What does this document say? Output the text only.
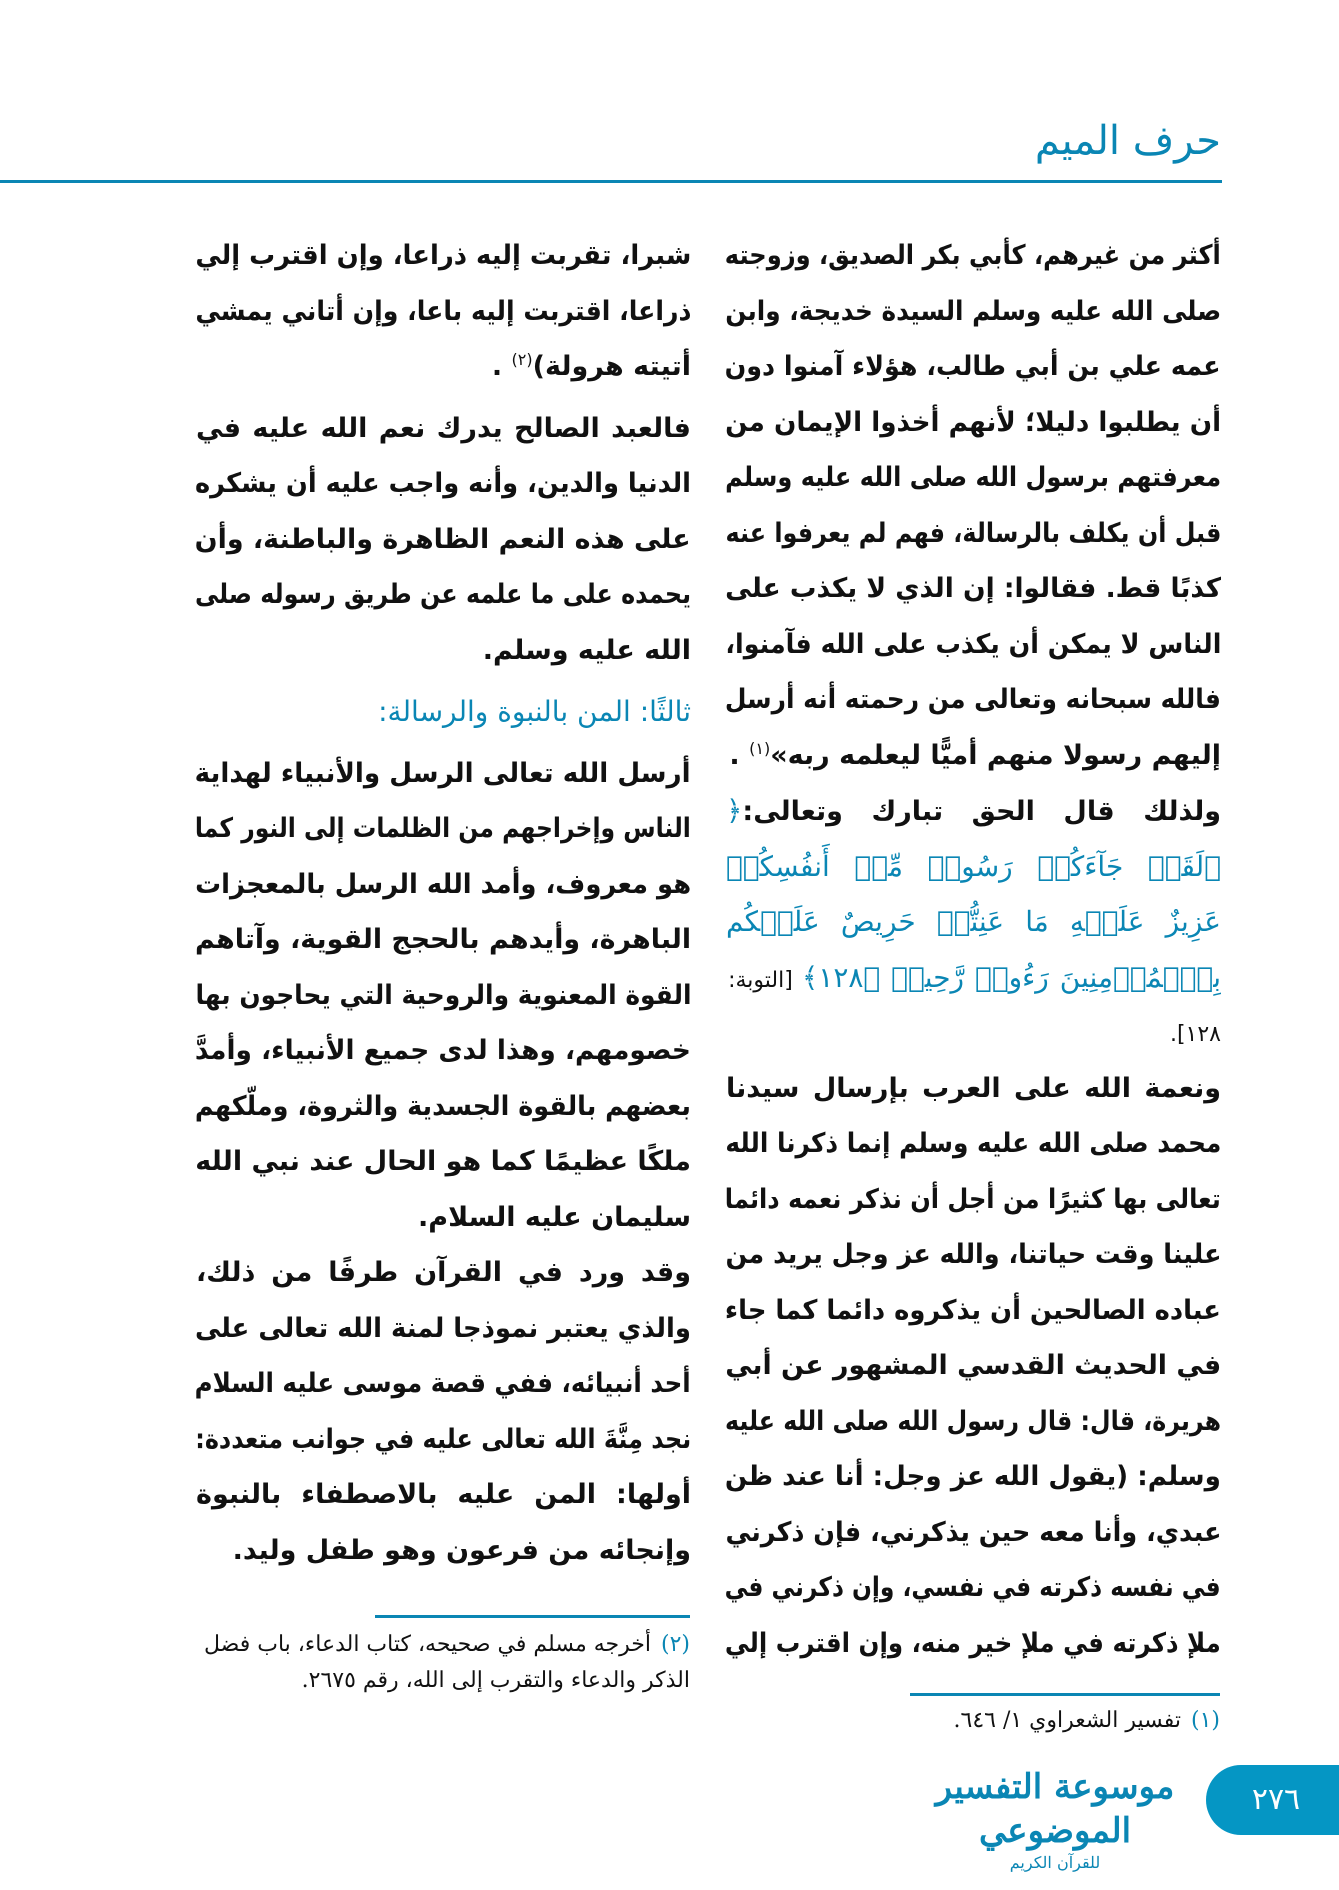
حرف الميم
أكثر من غيرهم، كأبي بكر الصديق، وزوجته
صلى الله عليه وسلم السيدة خديجة، وابن
عمه علي بن أبي طالب، هؤلاء آمنوا دون
أن يطلبوا دليلا؛ لأنهم أخذوا الإيمان من
معرفتهم برسول الله صلى الله عليه وسلم
قبل أن يكلف بالرسالة، فهم لم يعرفوا عنه
كذبًا قط. فقالوا: إن الذي لا يكذب على
الناس لا يمكن أن يكذب على الله فآمنوا،
فالله سبحانه وتعالى من رحمته أنه أرسل
إليهم رسولا منهم أميًّا ليعلمه ربه»$^{(١)}$ .
ولذلك قال الحق تبارك وتعالى:﴿
﴿لَقَدۡ جَآءَكُمۡ رَسُولٞ مِّنۡ أَنفُسِكُمۡ
عَزِيزٌ عَلَيۡهِ مَا عَنِتُّمۡ حَرِيصٌ عَلَيۡكُم
بِٱلۡمُؤۡمِنِينَ رَءُوفٞ رَّحِيمٞ ﴿١٢٨﴾ [التوبة:
١٢٨].
ونعمة الله على العرب بإرسال سيدنا
محمد صلى الله عليه وسلم إنما ذكرنا الله
تعالى بها كثيرًا من أجل أن نذكر نعمه دائما
علينا وقت حياتنا، والله عز وجل يريد من
عباده الصالحين أن يذكروه دائما كما جاء
في الحديث القدسي المشهور عن أبي
هريرة، قال: قال رسول الله صلى الله عليه
وسلم: (يقول الله عز وجل: أنا عند ظن
عبدي، وأنا معه حين يذكرني، فإن ذكرني
في نفسه ذكرته في نفسي، وإن ذكرني في
ملإ ذكرته في ملإ خير منه، وإن اقترب إلي
شبرا، تقربت إليه ذراعا، وإن اقترب إلي
ذراعا، اقتربت إليه باعا، وإن أتاني يمشي
أتيته هرولة)$^{(٢)}$ .
فالعبد الصالح يدرك نعم الله عليه في
الدنيا والدين، وأنه واجب عليه أن يشكره
على هذه النعم الظاهرة والباطنة، وأن
يحمده على ما علمه عن طريق رسوله صلى
الله عليه وسلم.
ثالثًا: المن بالنبوة والرسالة:
أرسل الله تعالى الرسل والأنبياء لهداية
الناس وإخراجهم من الظلمات إلى النور كما
هو معروف، وأمد الله الرسل بالمعجزات
الباهرة، وأيدهم بالحجج القوية، وآتاهم
القوة المعنوية والروحية التي يحاجون بها
خصومهم، وهذا لدى جميع الأنبياء، وأمدَّ
بعضهم بالقوة الجسدية والثروة، وملّكهم
ملكًا عظيمًا كما هو الحال عند نبي الله
سليمان عليه السلام.
وقد ورد في القرآن طرفًا من ذلك،
والذي يعتبر نموذجا لمنة الله تعالى على
أحد أنبيائه، ففي قصة موسى عليه السلام
نجد مِنَّةَ الله تعالى عليه في جوانب متعددة:
أولها: المن عليه بالاصطفاء بالنبوة
وإنجائه من فرعون وهو طفل وليد.
(١)تفسير الشعراوي ١/ ٦٤٦.
(٢)أخرجه مسلم في صحيحه، كتاب الدعاء، باب فضل الذكر والدعاء والتقرب إلى الله، رقم ٢٦٧٥.
موسوعة التفسير الموضوعي
للقرآن الكريم
٢٧٦
